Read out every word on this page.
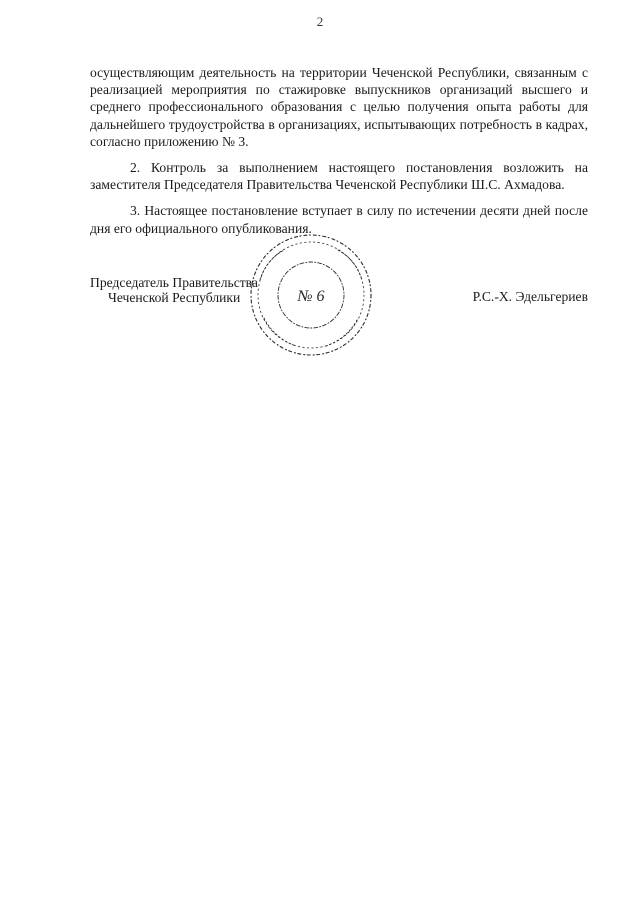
2

осуществляющим деятельность на территории Чеченской Республики, связанным с реализацией мероприятия по стажировке выпускников организаций высшего и среднего профессионального образования с целью получения опыта работы для дальнейшего трудоустройства в организациях, испытывающих потребность в кадрах, согласно приложению № 3.

2. Контроль за выполнением настоящего постановления возложить на заместителя Председателя Правительства Чеченской Республики Ш.С. Ахмадова.

3. Настоящее постановление вступает в силу по истечении десяти дней после дня его официального опубликования.

№ 6
Председатель Правительства
Чеченской Республики	Р.С.-Х. Эдельгериев
